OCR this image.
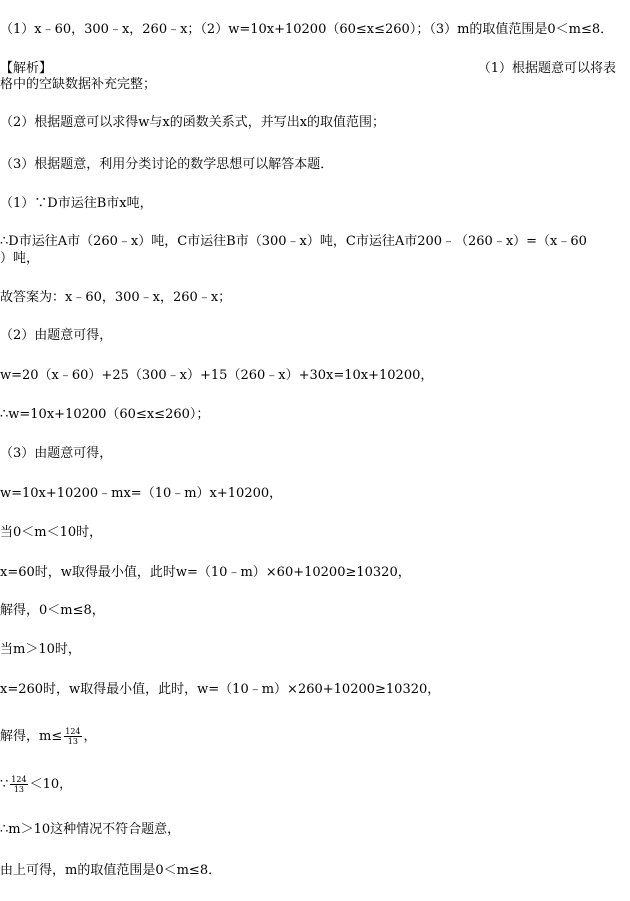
（1）x﹣60，300﹣x，260﹣x；（2）w=10x+10200（60≤x≤260）；（3）m的取值范围是0＜m≤8．
【解析】	（1）根据题意可以将表
格中的空缺数据补充完整；
（2）根据题意可以求得w与x的函数关系式，并写出x的取值范围；
（3）根据题意，利用分类讨论的数学思想可以解答本题．
（1）∵D市运往B市x吨，
∴D市运往A市（260﹣x）吨，C市运往B市（300﹣x）吨，C市运往A市200﹣（260﹣x）=（x﹣60
）吨，
故答案为：x﹣60，300﹣x，260﹣x；
（2）由题意可得，
w=20（x﹣60）+25（300﹣x）+15（260﹣x）+30x=10x+10200，
∴w=10x+10200（60≤x≤260）；
（3）由题意可得，
w=10x+10200﹣mx=（10﹣m）x+10200，
当0＜m＜10时，
x=60时，w取得最小值，此时w=（10﹣m）×60+10200≥10320，
解得，0＜m≤8，
当m＞10时，
x=260时，w取得最小值，此时，w=（10﹣m）×260+10200≥10320，
解得，$m\le \frac{124}{13}$ ，
∵ $\frac{124}{13} <10$，
∴m＞10这种情况不符合题意，
由上可得，m的取值范围是0＜m≤8．
